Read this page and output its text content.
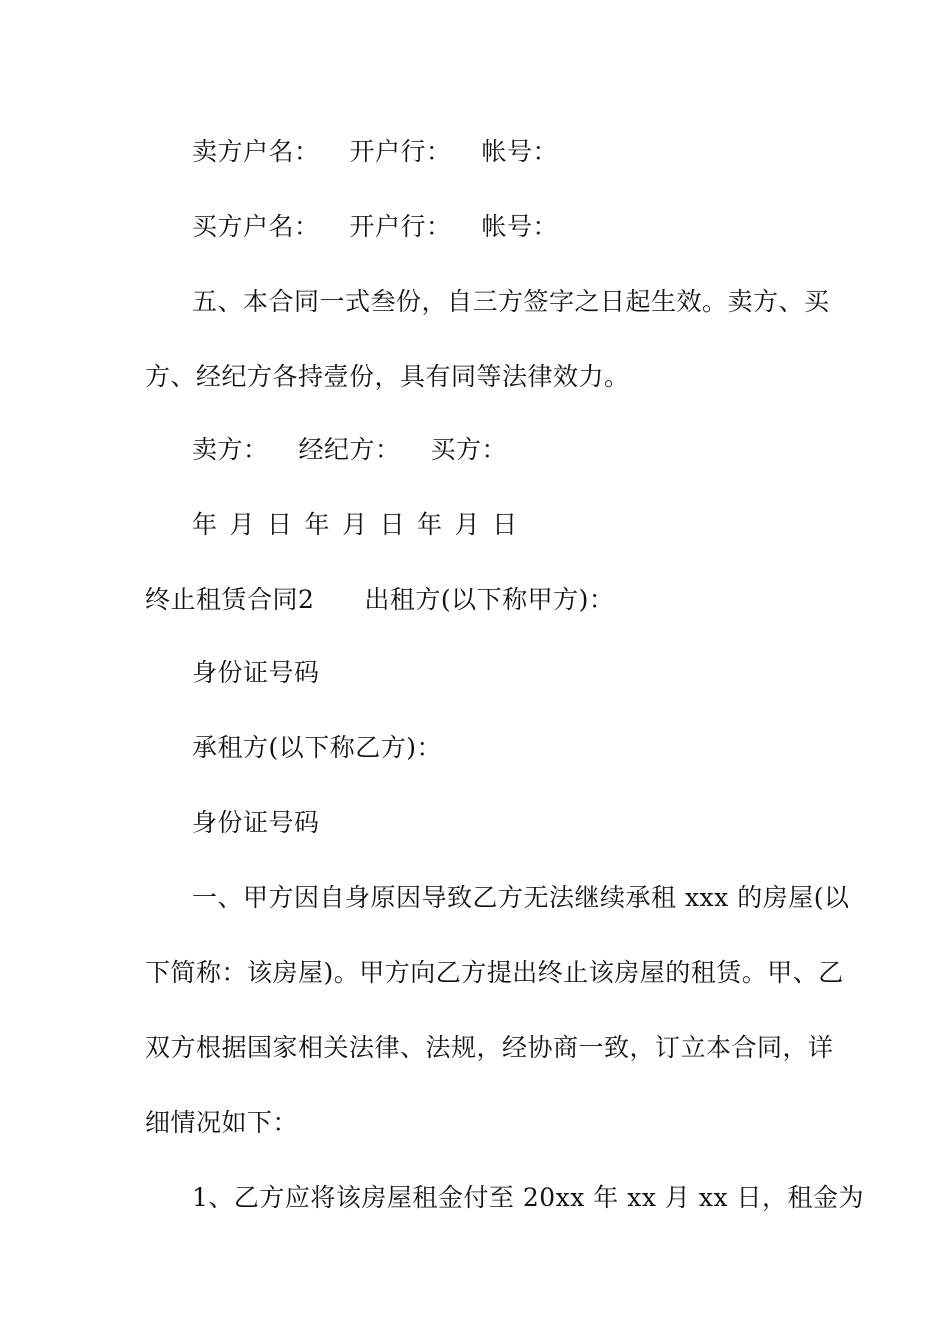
卖方户名： 开户行： 帐号：
买方户名： 开户行： 帐号：
五、本合同一式叁份，自三方签字之日起生效。卖方、买
方、经纪方各持壹份，具有同等法律效力。
卖方： 经纪方： 买方：
年 月 日 年 月 日 年 月 日
终止租赁合同2 出租方(以下称甲方)：
身份证号码
承租方(以下称乙方)：
身份证号码
一、甲方因自身原因导致乙方无法继续承租 xxx 的房屋(以
下简称：该房屋)。甲方向乙方提出终止该房屋的租赁。甲、乙
双方根据国家相关法律、法规，经协商一致，订立本合同，详
细情况如下：
1、乙方应将该房屋租金付至 20xx 年 xx 月 xx 日，租金为
